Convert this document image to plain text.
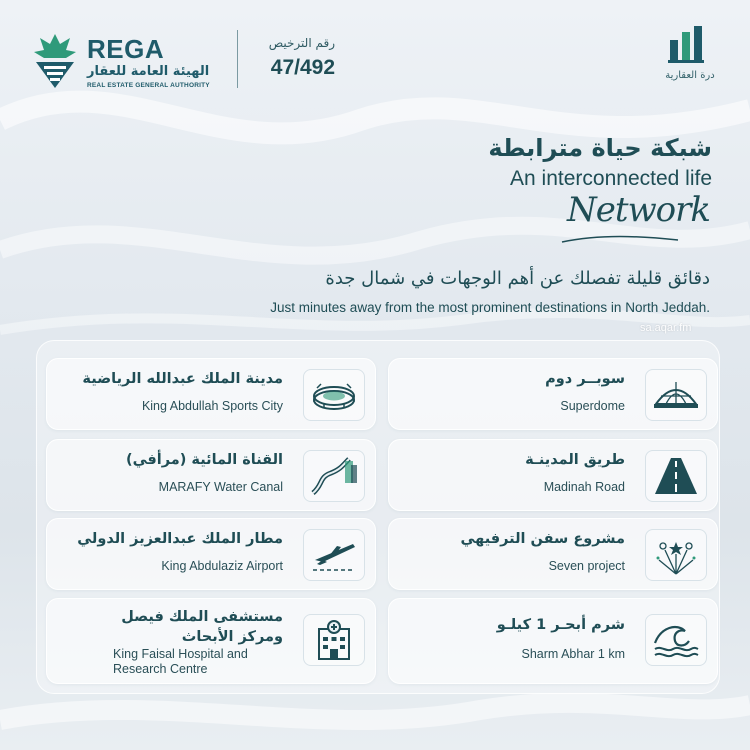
REGA
الهيئة العامة للعقار
REAL ESTATE GENERAL AUTHORITY
رقم الترخيص
47/492	درة العقارية
شبكة حياة مترابطة
An interconnected life
Network
دقائق قليلة تفصلك عن أهم الوجهات في شمال جدة
Just minutes away from the most prominent destinations in North Jeddah.
sa.aqar.fm
مدينة الملك عبدالله الرياضية
King Abdullah Sports City
سوبــر دوم
Superdome
القناة المائية (مرأفي)
MARAFY Water Canal
طريق المدينـة
Madinah Road
مطار الملك عبدالعزيز الدولي
King Abdulaziz Airport
مشروع سفن الترفيهي
Seven project
مستشفى الملك فيصل ومركز الأبحاث
King Faisal Hospital and Research Centre
شرم أبحـر 1 كيلـو
Sharm Abhar 1 km
